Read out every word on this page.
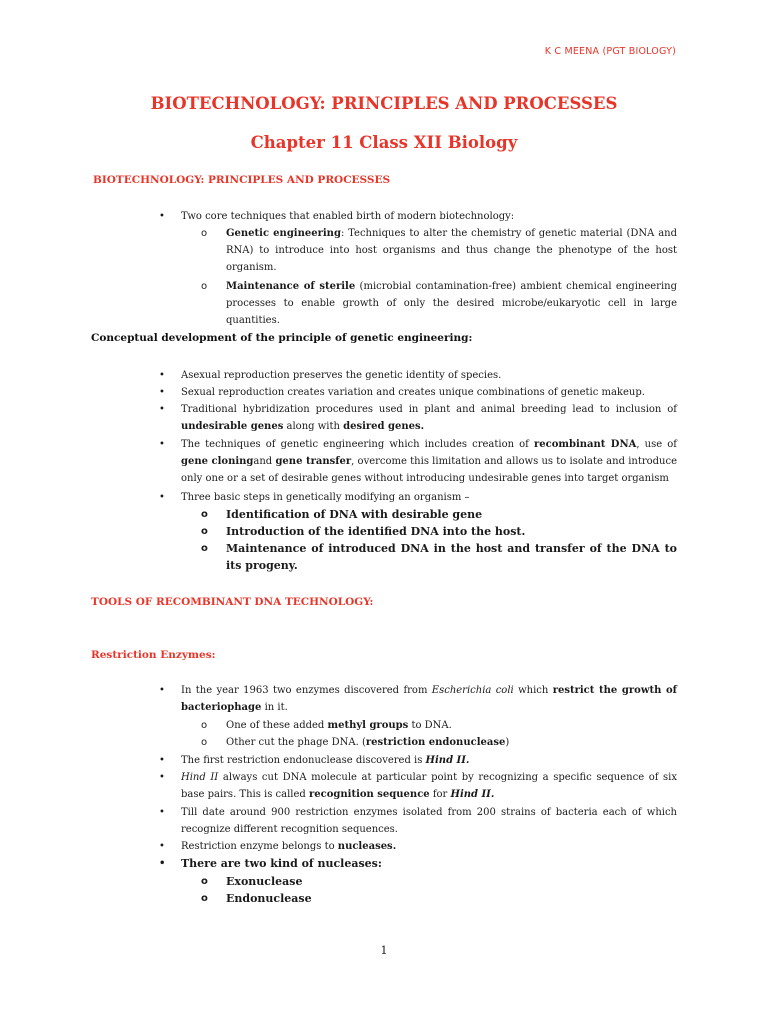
K C MEENA (PGT BIOLOGY)
BIOTECHNOLOGY: PRINCIPLES AND PROCESSES
Chapter 11 Class XII Biology
BIOTECHNOLOGY: PRINCIPLES AND PROCESSES
• Two core techniques that enabled birth of modern biotechnology:
o Genetic engineering: Techniques to alter the chemistry of genetic material (DNA and RNA) to introduce into host organisms and thus change the phenotype of the host organism.
o Maintenance of sterile (microbial contamination-free) ambient chemical engineering processes to enable growth of only the desired microbe/eukaryotic cell in large quantities.
Conceptual development of the principle of genetic engineering:
• Asexual reproduction preserves the genetic identity of species.
• Sexual reproduction creates variation and creates unique combinations of genetic makeup.
• Traditional hybridization procedures used in plant and animal breeding lead to inclusion of undesirable genes along with desired genes.
• The techniques of genetic engineering which includes creation of recombinant DNA, use of gene cloningand gene transfer, overcome this limitation and allows us to isolate and introduce only one or a set of desirable genes without introducing undesirable genes into target organism
• Three basic steps in genetically modifying an organism –
o Identification of DNA with desirable gene
o Introduction of the identified DNA into the host.
o Maintenance of introduced DNA in the host and transfer of the DNA to its progeny.
TOOLS OF RECOMBINANT DNA TECHNOLOGY:
Restriction Enzymes:
• In the year 1963 two enzymes discovered from Escherichia coli which restrict the growth of bacteriophage in it.
o One of these added methyl groups to DNA.
o Other cut the phage DNA. (restriction endonuclease)
• The first restriction endonuclease discovered is Hind II.
• Hind II always cut DNA molecule at particular point by recognizing a specific sequence of six base pairs. This is called recognition sequence for Hind II.
• Till date around 900 restriction enzymes isolated from 200 strains of bacteria each of which recognize different recognition sequences.
• Restriction enzyme belongs to nucleases.
• There are two kind of nucleases:
o Exonuclease
o Endonuclease
1
